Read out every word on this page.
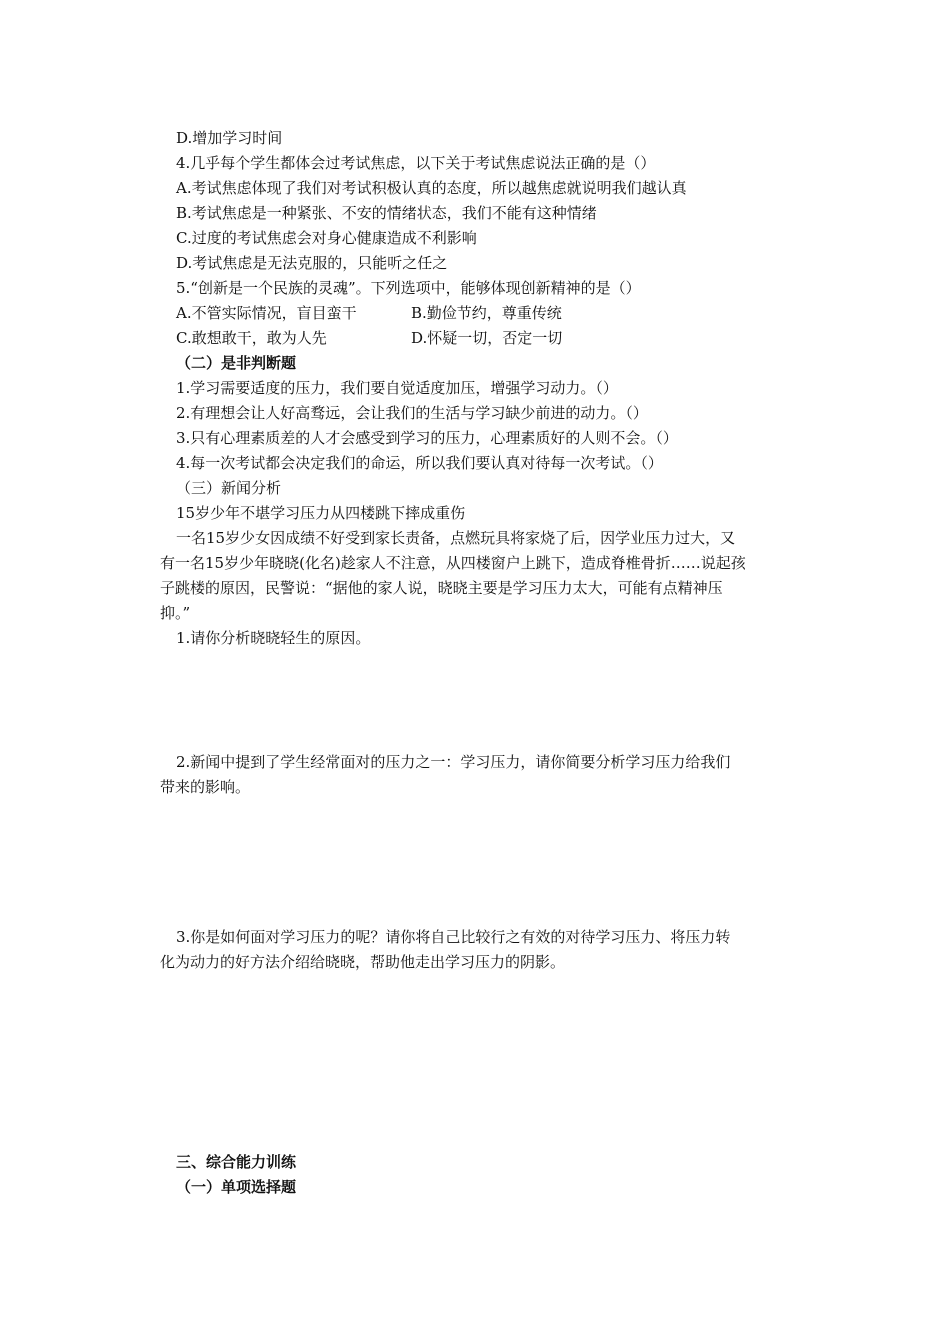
D.增加学习时间
4.几乎每个学生都体会过考试焦虑，以下关于考试焦虑说法正确的是（）
A.考试焦虑体现了我们对考试积极认真的态度，所以越焦虑就说明我们越认真
B.考试焦虑是一种紧张、不安的情绪状态，我们不能有这种情绪
C.过度的考试焦虑会对身心健康造成不利影响
D.考试焦虑是无法克服的，只能听之任之
5.“创新是一个民族的灵魂”。下列选项中，能够体现创新精神的是（）
A.不管实际情况，盲目蛮干	B.勤俭节约，尊重传统
C.敢想敢干，敢为人先	D.怀疑一切，否定一切
（二）是非判断题
1.学习需要适度的压力，我们要自觉适度加压，增强学习动力。（）
2.有理想会让人好高骛远，会让我们的生活与学习缺少前进的动力。（）
3.只有心理素质差的人才会感受到学习的压力，心理素质好的人则不会。（）
4.每一次考试都会决定我们的命运，所以我们要认真对待每一次考试。（）
（三）新闻分析
15岁少年不堪学习压力从四楼跳下摔成重伤
一名15岁少女因成绩不好受到家长责备，点燃玩具将家烧了后，因学业压力过大，又
有一名15岁少年晓晓(化名)趁家人不注意，从四楼窗户上跳下，造成脊椎骨折……说起孩
子跳楼的原因，民警说：“据他的家人说，晓晓主要是学习压力太大，可能有点精神压
抑。”
1.请你分析晓晓轻生的原因。
2.新闻中提到了学生经常面对的压力之一：学习压力，请你简要分析学习压力给我们
带来的影响。
3.你是如何面对学习压力的呢？请你将自己比较行之有效的对待学习压力、将压力转
化为动力的好方法介绍给晓晓，帮助他走出学习压力的阴影。
三、综合能力训练
（一）单项选择题
